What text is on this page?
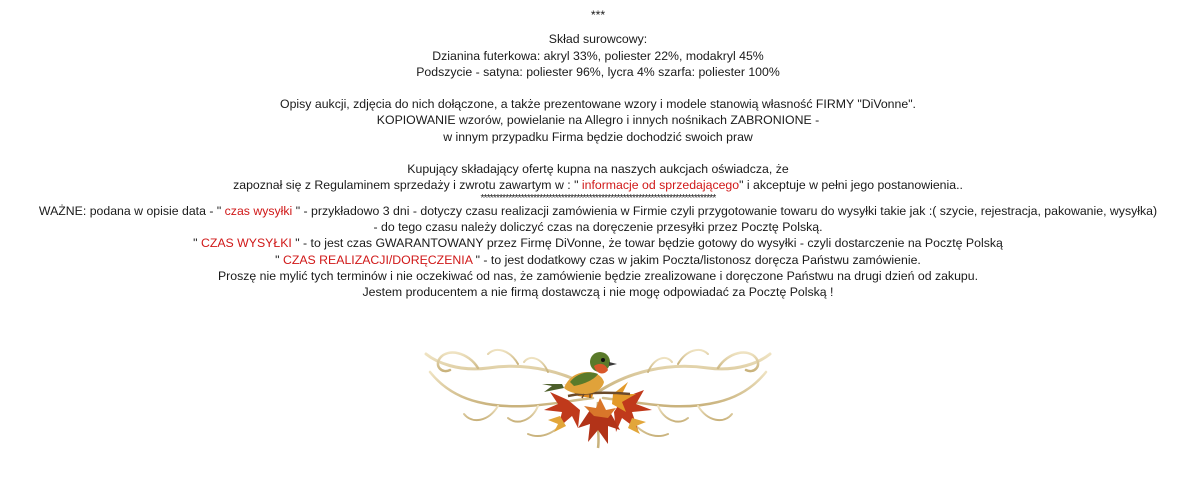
***
Skład surowcowy:
Dzianina futerkowa: akryl 33%, poliester 22%, modakryl 45%
Podszycie - satyna: poliester 96%, lycra 4% szarfa: poliester 100%
Opisy aukcji, zdjęcia do nich dołączone, a także prezentowane wzory i modele stanowią własność FIRMY "DiVonne".
KOPIOWANIE wzorów, powielanie na Allegro i innych nośnikach ZABRONIONE -
w innym przypadku Firma będzie dochodzić swoich praw
Kupujący składający ofertę kupna na naszych aukcjach oświadcza, że
zapoznał się z Regulaminem sprzedaży i zwrotu zawartym w : " informacje od sprzedającego" i akceptuje w pełni jego postanowienia..
****************************************************************************
WAŻNE: podana w opisie data - " czas wysyłki " - przykładowo 3 dni - dotyczy czasu realizacji zamówienia w Firmie czyli przygotowanie towaru do wysyłki takie jak :( szycie, rejestracja, pakowanie, wysyłka)
- do tego czasu należy doliczyć czas na doręczenie przesyłki przez Pocztę Polską.
" CZAS WYSYŁKI " - to jest czas GWARANTOWANY przez Firmę DiVonne, że towar będzie gotowy do wysyłki - czyli dostarczenie na Pocztę Polską
" CZAS REALIZACJI/DORĘCZENIA " - to jest dodatkowy czas w jakim Poczta/listonosz doręcza Państwu zamówienie.
Proszę nie mylić tych terminów i nie oczekiwać od nas, że zamówienie będzie zrealizowane i doręczone Państwu na drugi dzień od zakupu.
Jestem producentem a nie firmą dostawczą i nie mogę odpowiadać za Pocztę Polską !
